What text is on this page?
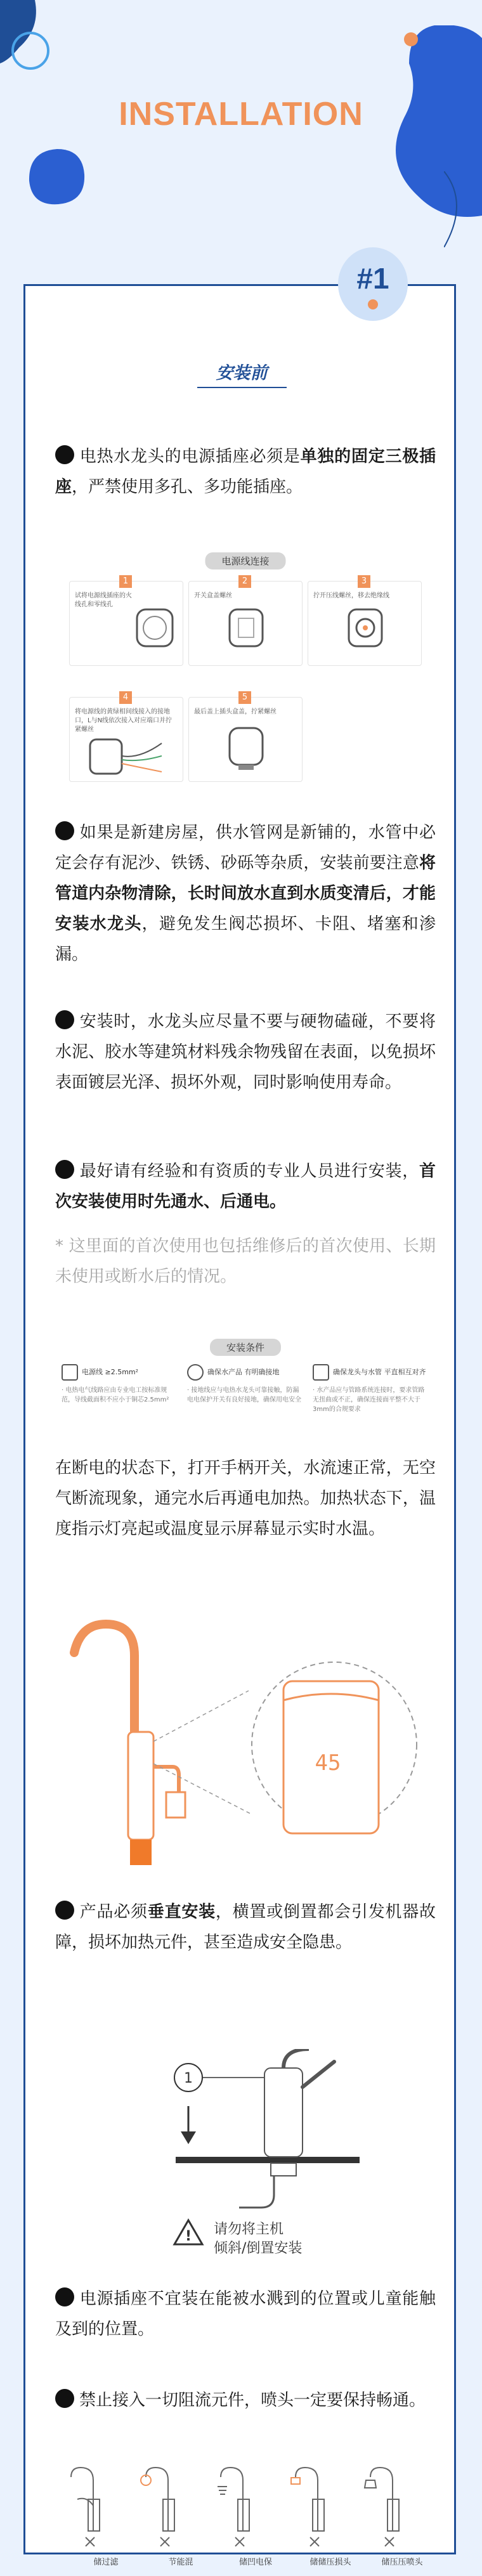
INSTALLATION
安装前
电热水龙头的电源插座必须是单独的固定三极插座，严禁使用多孔、多功能插座。
电源线连接
1
试将电源线插座的火线孔和零线孔
2
开关盒盖螺丝
3
拧开压线螺丝，移去绝缘线
4
将电源线的黄绿相间线接入的接地口，L与N线依次接入对应端口并拧紧螺丝
5
最后盖上插头盒盖，拧紧螺丝
如果是新建房屋，供水管网是新铺的，水管中必定会存有泥沙、铁锈、砂砾等杂质，安装前要注意将管道内杂物清除，长时间放水直到水质变清后，才能安装水龙头，避免发生阀芯损坏、卡阻、堵塞和渗漏。
安装时，水龙头应尽量不要与硬物磕碰，不要将水泥、胶水等建筑材料残余物残留在表面，以免损坏表面镀层光泽、损坏外观，同时影响使用寿命。
最好请有经验和有资质的专业人员进行安装，首次安装使用时先通水、后通电。
* 这里面的首次使用也包括维修后的首次使用、长期未使用或断水后的情况。
安装条件
电源线 ≥2.5mm²
· 电热电气线路应由专业电工按标准规范，导线截面积不应小于铜芯2.5mm²
确保水产品 有明确接地
· 接地线应与电热水龙头可靠接触，防漏电电保护开关有良好接地，确保用电安全
确保龙头与水管 平直相互对齐
· 水产品应与管路系统连接时，要求管路无扭曲或不正，确保连接面平整不大于3mm的合规要求
在断电的状态下，打开手柄开关，水流速正常，无空气断流现象，通完水后再通电加热。加热状态下，温度指示灯亮起或温度显示屏幕显示实时水温。
45
产品必须垂直安装，横置或倒置都会引发机器故障，损坏加热元件，甚至造成安全隐患。
1
! 请勿将主机
倾斜/倒置安装
电源插座不宜装在能被水溅到的位置或儿童能触及到的位置。
禁止接入一切阻流元件，喷头一定要保持畅通。
储过滤	节能混	储凹电保	储储压损头	储压压喷头
#1
